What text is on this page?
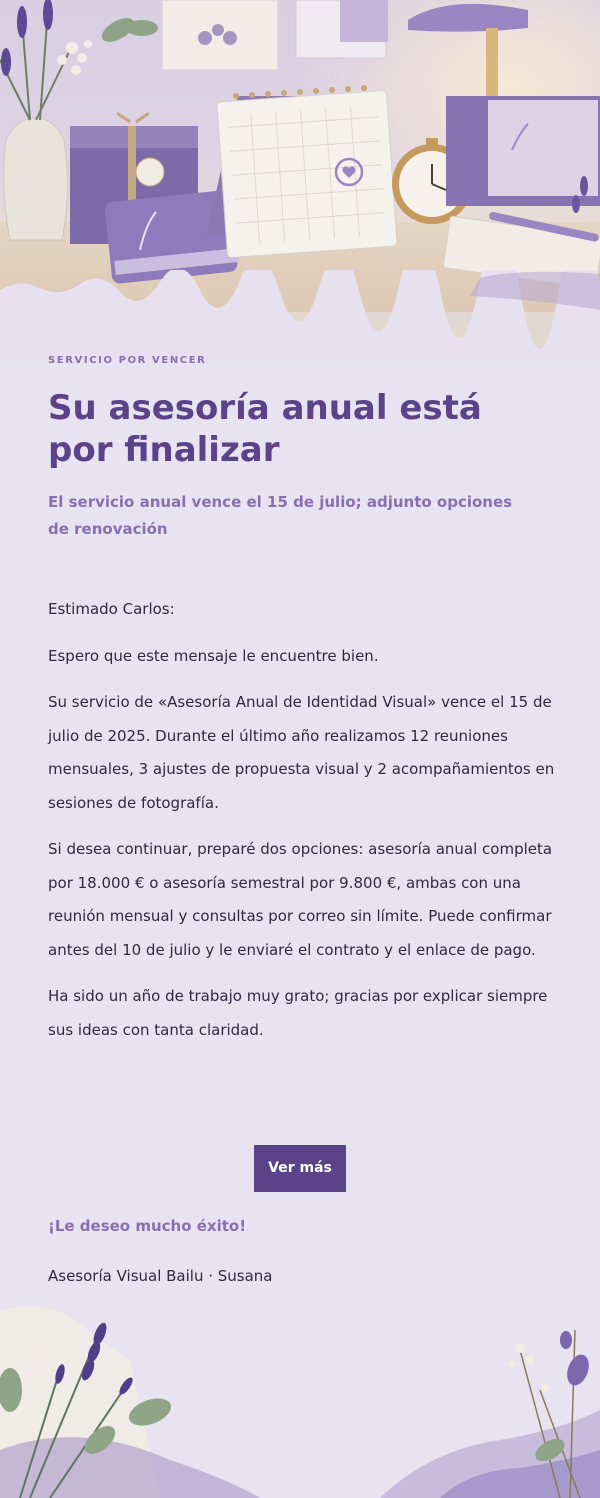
SERVICIO POR VENCER
Su asesoría anual está por finalizar
El servicio anual vence el 15 de julio; adjunto opciones de renovación

Estimado Carlos:

Espero que este mensaje le encuentre bien.

Su servicio de «Asesoría Anual de Identidad Visual» vence el 15 de julio de 2025. Durante el último año realizamos 12 reuniones mensuales, 3 ajustes de propuesta visual y 2 acompañamientos en sesiones de fotografía.

Si desea continuar, preparé dos opciones: asesoría anual completa por 18.000 € o asesoría semestral por 9.800 €, ambas con una reunión mensual y consultas por correo sin límite. Puede confirmar antes del 10 de julio y le enviaré el contrato y el enlace de pago.

Ha sido un año de trabajo muy grato; gracias por explicar siempre sus ideas con tanta claridad.

Ver más
¡Le deseo mucho éxito!
Asesoría Visual Bailu · Susana
